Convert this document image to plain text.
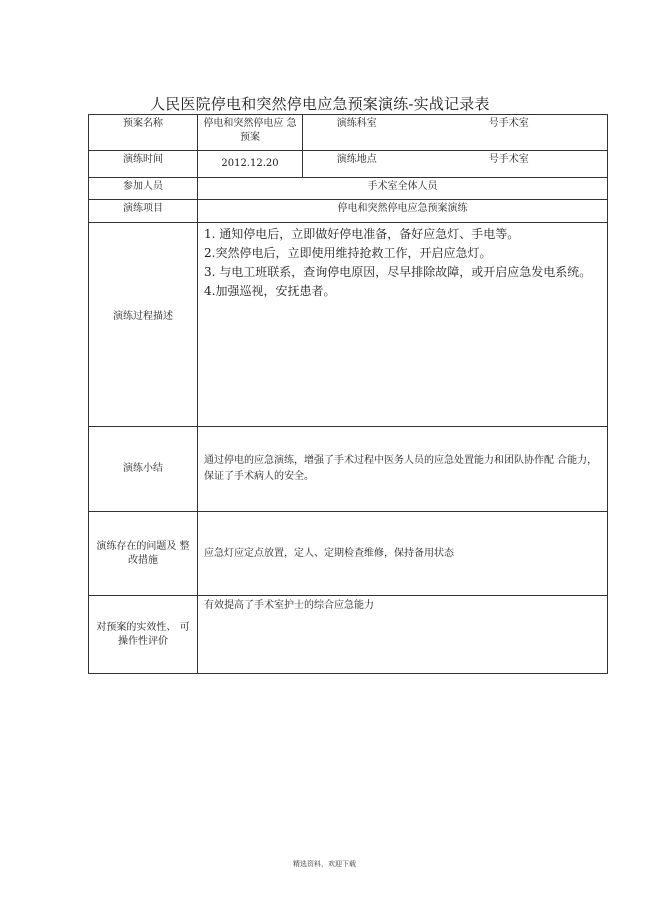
人民医院停电和突然停电应急预案演练-实战记录表
预案名称	停电和突然停电应 急预案	演练科室	号手术室
演练时间	2012.12.20	演练地点	号手术室
参加人员	手术室全体人员		
演练项目	停电和突然停电应急预案演练		
演练过程描述	1. 通知停电后，立即做好停电准备，备好应急灯、手电等。
2.突然停电后，立即使用维持抢救工作，开启应急灯。
3. 与电工班联系，查询停电原因，尽早排除故障，或开启应急发电系统。
4.加强巡视，安抚患者。		

演练小结	通过停电的应急演练，增强了手术过程中医务人员的应急处置能力和团队协作配 合能力，保证了手术病人的安全。		
演练存在的问题及 整改措施	应急灯应定点放置，定人、定期检查维修，保持备用状态		
对预案的实效性、 可操作性评价	有效提高了手术室护士的综合应急能力		
精选资料，欢迎下载
